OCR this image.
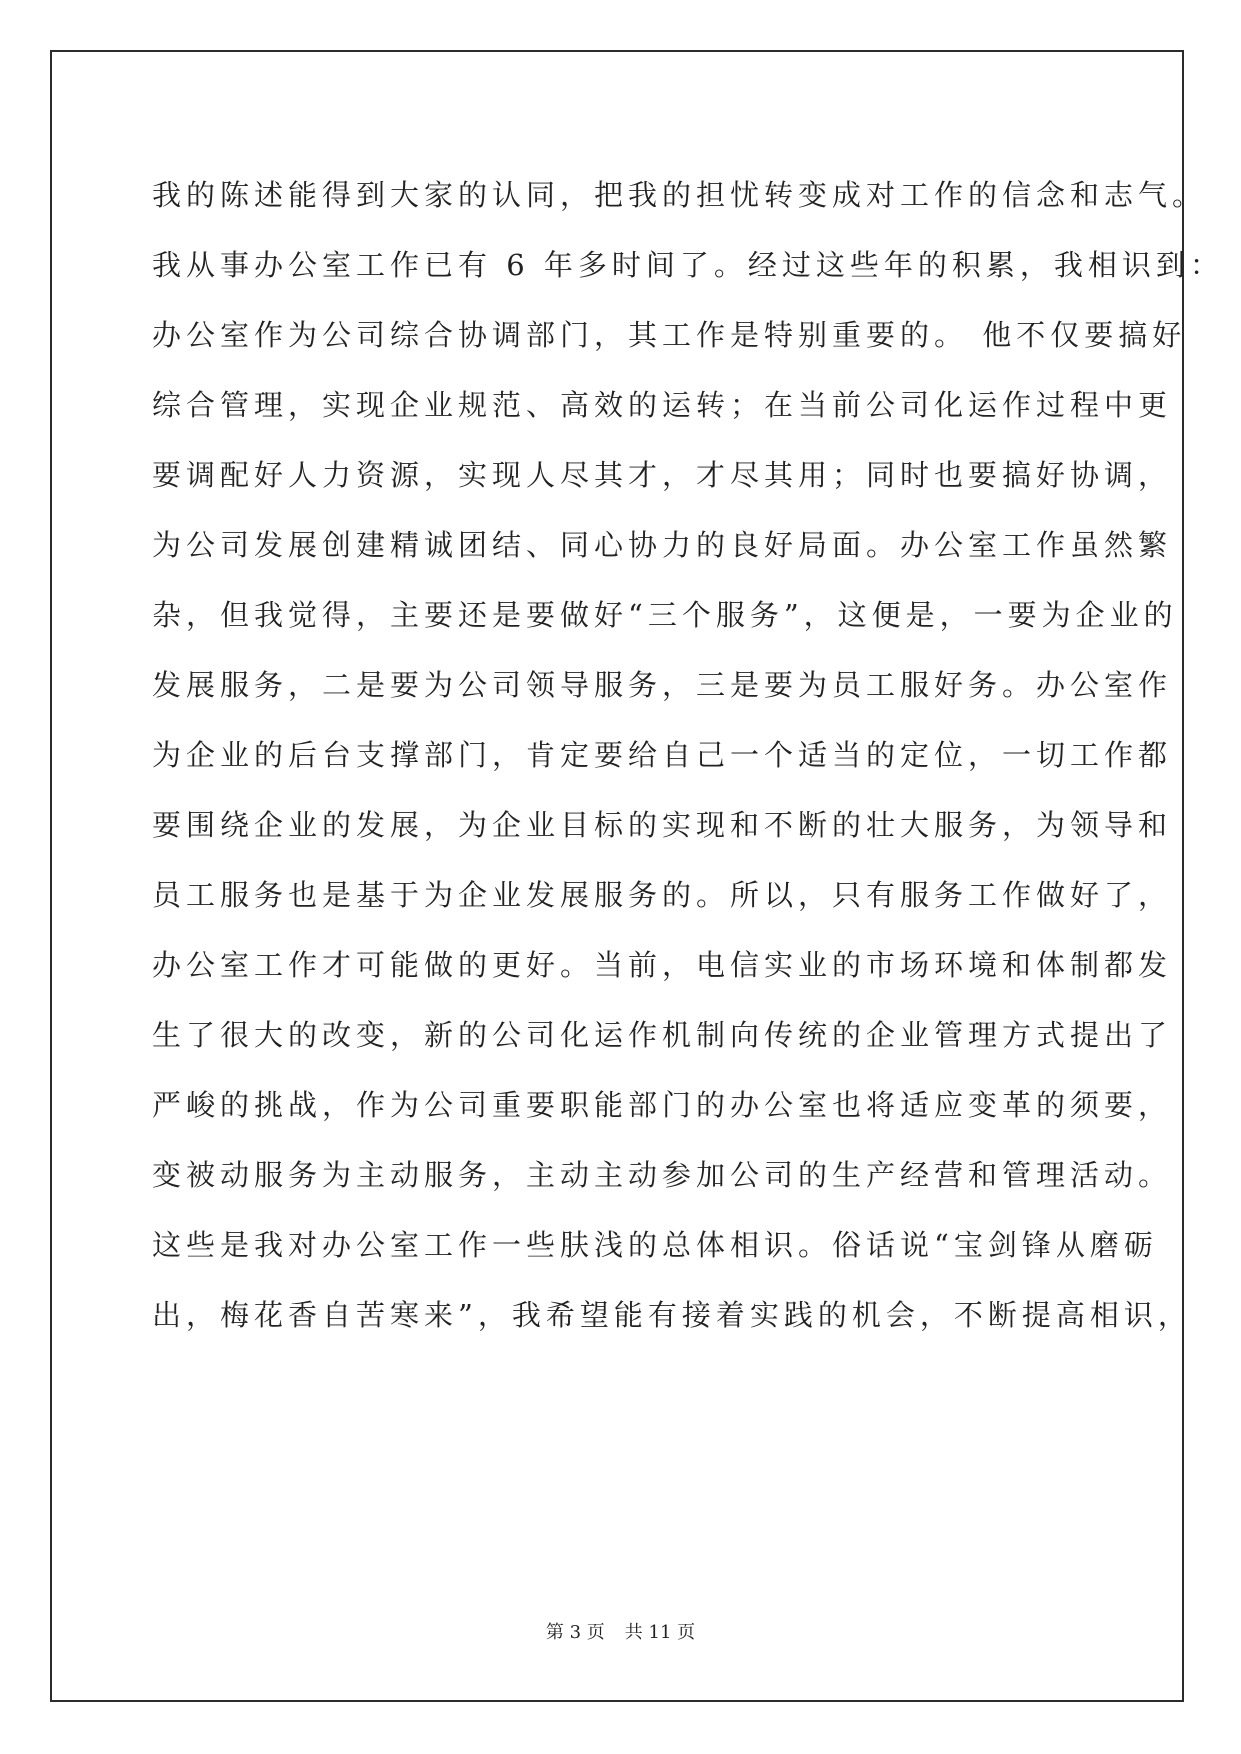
我的陈述能得到大家的认同，把我的担忧转变成对工作的信念和志气。
我从事办公室工作已有 6 年多时间了。经过这些年的积累，我相识到：
办公室作为公司综合协调部门，其工作是特别重要的。 他不仅要搞好
综合管理，实现企业规范、高效的运转；在当前公司化运作过程中更
要调配好人力资源，实现人尽其才，才尽其用；同时也要搞好协调，
为公司发展创建精诚团结、同心协力的良好局面。办公室工作虽然繁
杂，但我觉得，主要还是要做好“三个服务”，这便是，一要为企业的
发展服务，二是要为公司领导服务，三是要为员工服好务。办公室作
为企业的后台支撑部门，肯定要给自己一个适当的定位，一切工作都
要围绕企业的发展，为企业目标的实现和不断的壮大服务，为领导和
员工服务也是基于为企业发展服务的。所以，只有服务工作做好了，
办公室工作才可能做的更好。当前，电信实业的市场环境和体制都发
生了很大的改变，新的公司化运作机制向传统的企业管理方式提出了
严峻的挑战，作为公司重要职能部门的办公室也将适应变革的须要，
变被动服务为主动服务，主动主动参加公司的生产经营和管理活动。
这些是我对办公室工作一些肤浅的总体相识。俗话说“宝剑锋从磨砺
出，梅花香自苦寒来”，我希望能有接着实践的机会，不断提高相识，
第 3 页 共 11 页
